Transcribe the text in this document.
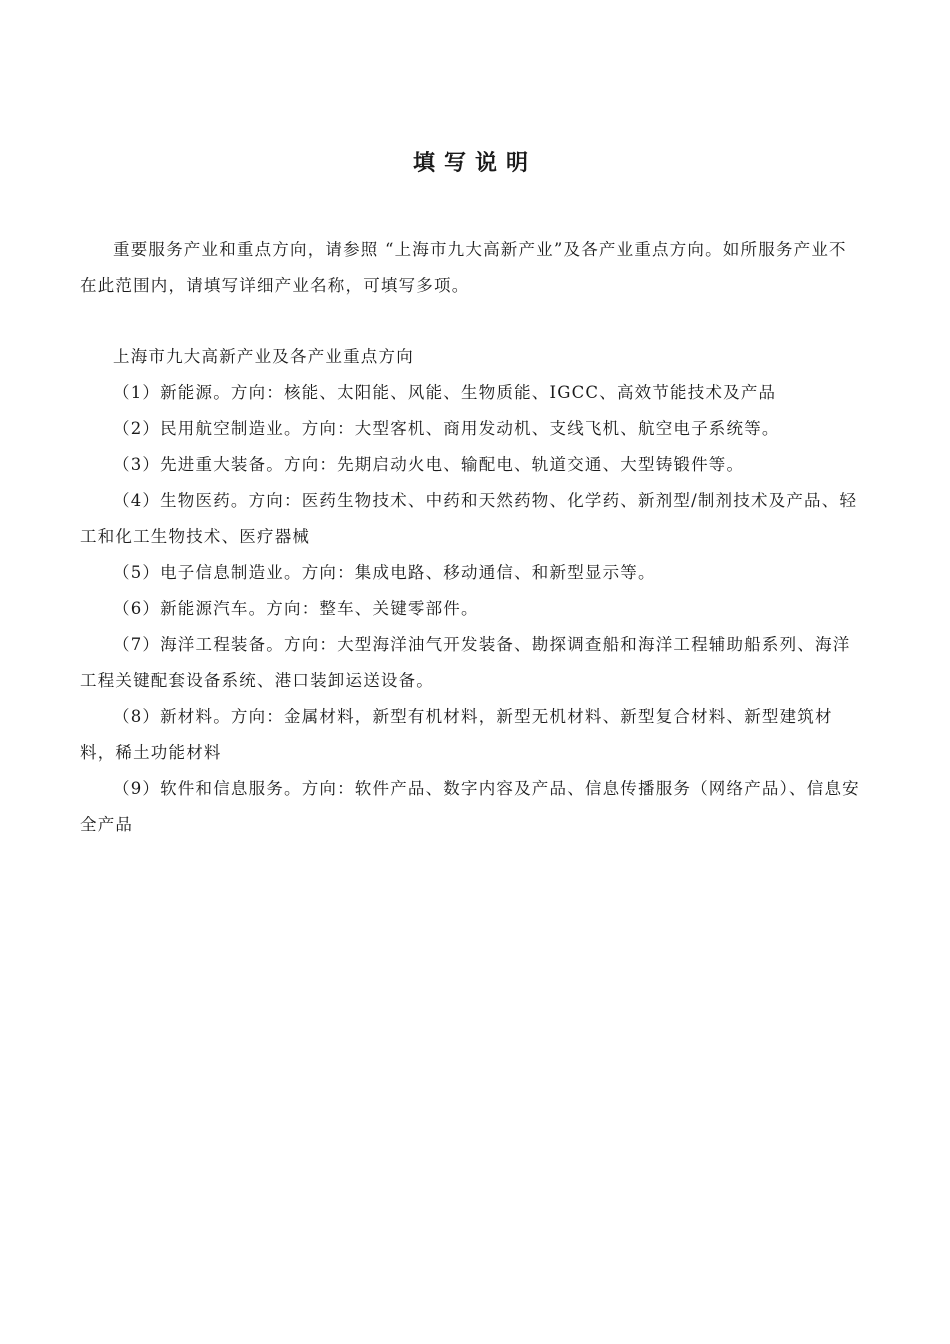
填写说明

重要服务产业和重点方向，请参照 “上海市九大高新产业”及各产业重点方向。如所服务产业不在此范围内，请填写详细产业名称，可填写多项。

上海市九大高新产业及各产业重点方向

（1）新能源。方向：核能、太阳能、风能、生物质能、IGCC、高效节能技术及产品

（2）民用航空制造业。方向：大型客机、商用发动机、支线飞机、航空电子系统等。

（3）先进重大装备。方向：先期启动火电、输配电、轨道交通、大型铸锻件等。

（4）生物医药。方向：医药生物技术、中药和天然药物、化学药、新剂型/制剂技术及产品、轻工和化工生物技术、医疗器械

（5）电子信息制造业。方向：集成电路、移动通信、和新型显示等。

（6）新能源汽车。方向：整车、关键零部件。

（7）海洋工程装备。方向：大型海洋油气开发装备、勘探调查船和海洋工程辅助船系列、海洋工程关键配套设备系统、港口装卸运送设备。

（8）新材料。方向：金属材料，新型有机材料，新型无机材料、新型复合材料、新型建筑材料，稀土功能材料

（9）软件和信息服务。方向：软件产品、数字内容及产品、信息传播服务（网络产品）、信息安全产品
